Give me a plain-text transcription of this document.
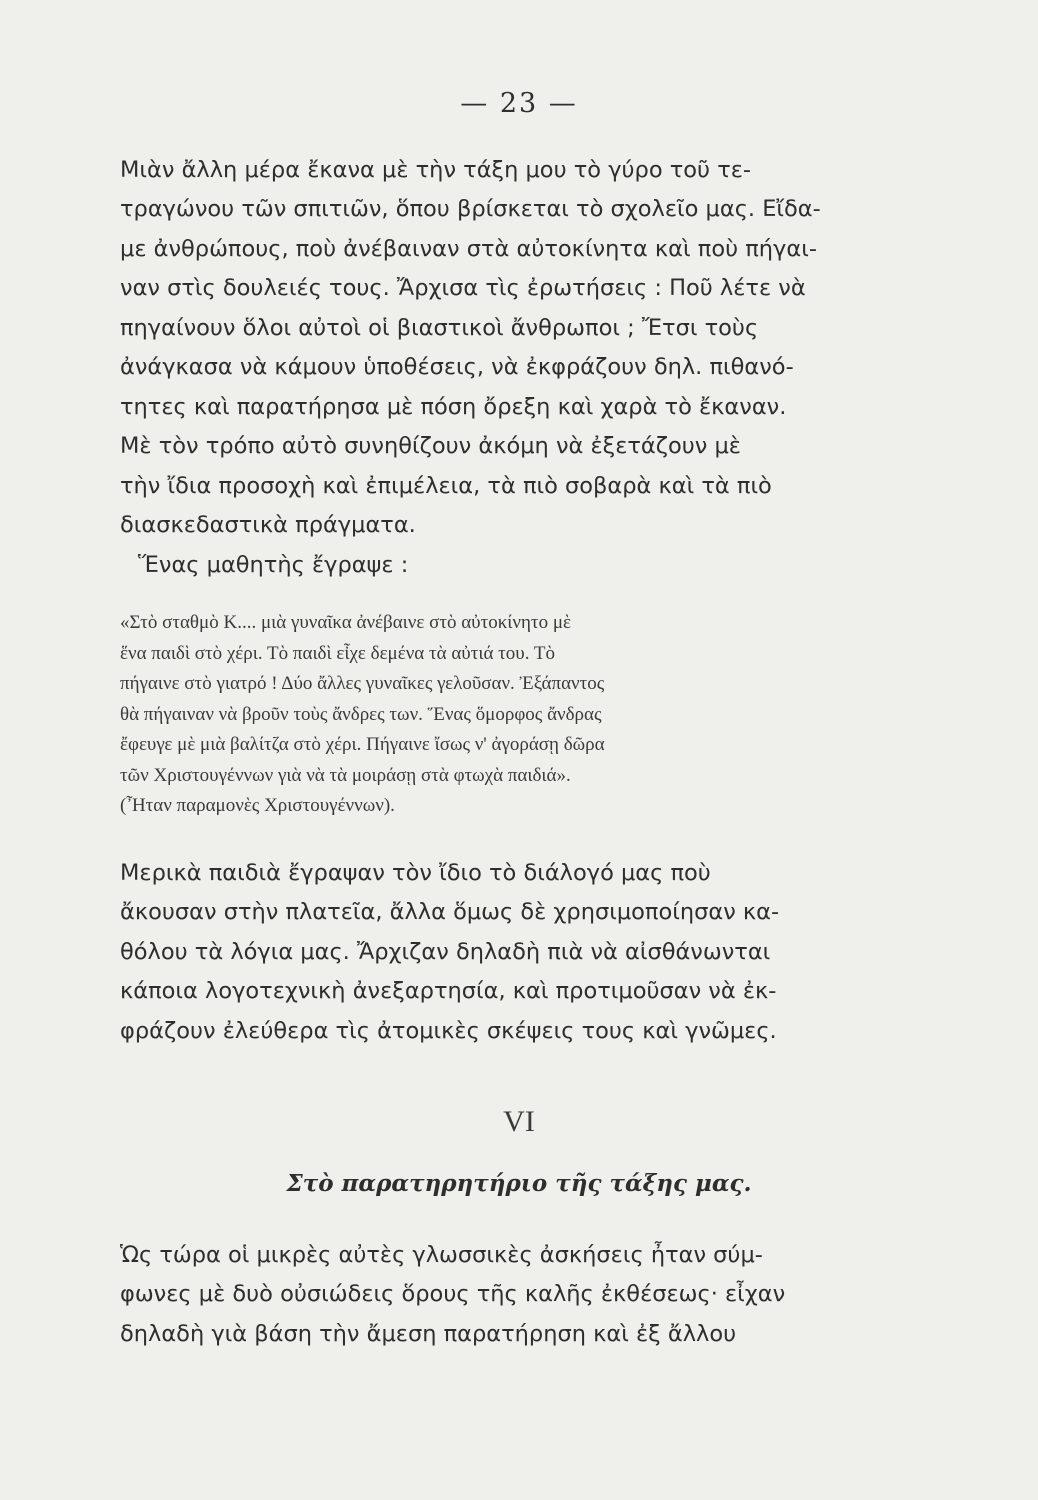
— 23 —
Μιὰν ἄλλη μέρα ἔκανα μὲ τὴν τάξη μου τὸ γύρο τοῦ τε-
τραγώνου τῶν σπιτιῶν, ὅπου βρίσκεται τὸ σχολεῖο μας. Εἴδα-
με ἀνθρώπους, ποὺ ἀνέβαιναν στὰ αὐτοκίνητα καὶ ποὺ πήγαι-
ναν στὶς δουλειές τους. Ἄρχισα τὶς ἐρωτήσεις : Ποῦ λέτε νὰ
πηγαίνουν ὅλοι αὐτοὶ οἱ βιαστικοὶ ἄνθρωποι ; Ἔτσι τοὺς
ἀνάγκασα νὰ κάμουν ὑποθέσεις, νὰ ἐκφράζουν δηλ. πιθανό-
τητες καὶ παρατήρησα μὲ πόση ὄρεξη καὶ χαρὰ τὸ ἔκαναν.
Μὲ τὸν τρόπο αὐτὸ συνηθίζουν ἀκόμη νὰ ἐξετάζουν μὲ
τὴν ἴδια προσοχὴ καὶ ἐπιμέλεια, τὰ πιὸ σοβαρὰ καὶ τὰ πιὸ
διασκεδαστικὰ πράγματα.
Ἕνας μαθητὴς ἔγραψε :
«Στὸ σταθμὸ Κ.... μιὰ γυναῖκα ἀνέβαινε στὸ αὐτοκίνητο μὲ
ἕνα παιδὶ στὸ χέρι. Τὸ παιδὶ εἶχε δεμένα τὰ αὐτιά του. Τὸ
πήγαινε στὸ γιατρό ! Δύο ἄλλες γυναῖκες γελοῦσαν. Ἐξάπαντος
θὰ πήγαιναν νὰ βροῦν τοὺς ἄνδρες των. Ἕνας ὅμορφος ἄνδρας
ἔφευγε μὲ μιὰ βαλίτζα στὸ χέρι. Πήγαινε ἴσως ν' ἀγοράσῃ δῶρα
τῶν Χριστουγέννων γιὰ νὰ τὰ μοιράσῃ στὰ φτωχὰ παιδιά».
(Ἦταν παραμονὲς Χριστουγέννων).
Μερικὰ παιδιὰ ἔγραψαν τὸν ἴδιο τὸ διάλογό μας ποὺ
ἄκουσαν στὴν πλατεῖα, ἄλλα ὅμως δὲ χρησιμοποίησαν κα-
θόλου τὰ λόγια μας. Ἄρχιζαν δηλαδὴ πιὰ νὰ αἰσθάνωνται
κάποια λογοτεχνικὴ ἀνεξαρτησία, καὶ προτιμοῦσαν νὰ ἐκ-
φράζουν ἐλεύθερα τὶς ἀτομικὲς σκέψεις τους καὶ γνῶμες.
VI
Στὸ παρατηρητήριο τῆς τάξης μας.
Ὡς τώρα οἱ μικρὲς αὐτὲς γλωσσικὲς ἀσκήσεις ἦταν σύμ-
φωνες μὲ δυὸ οὐσιώδεις ὅρους τῆς καλῆς ἐκθέσεως· εἶχαν
δηλαδὴ γιὰ βάση τὴν ἄμεση παρατήρηση καὶ ἐξ ἄλλου
